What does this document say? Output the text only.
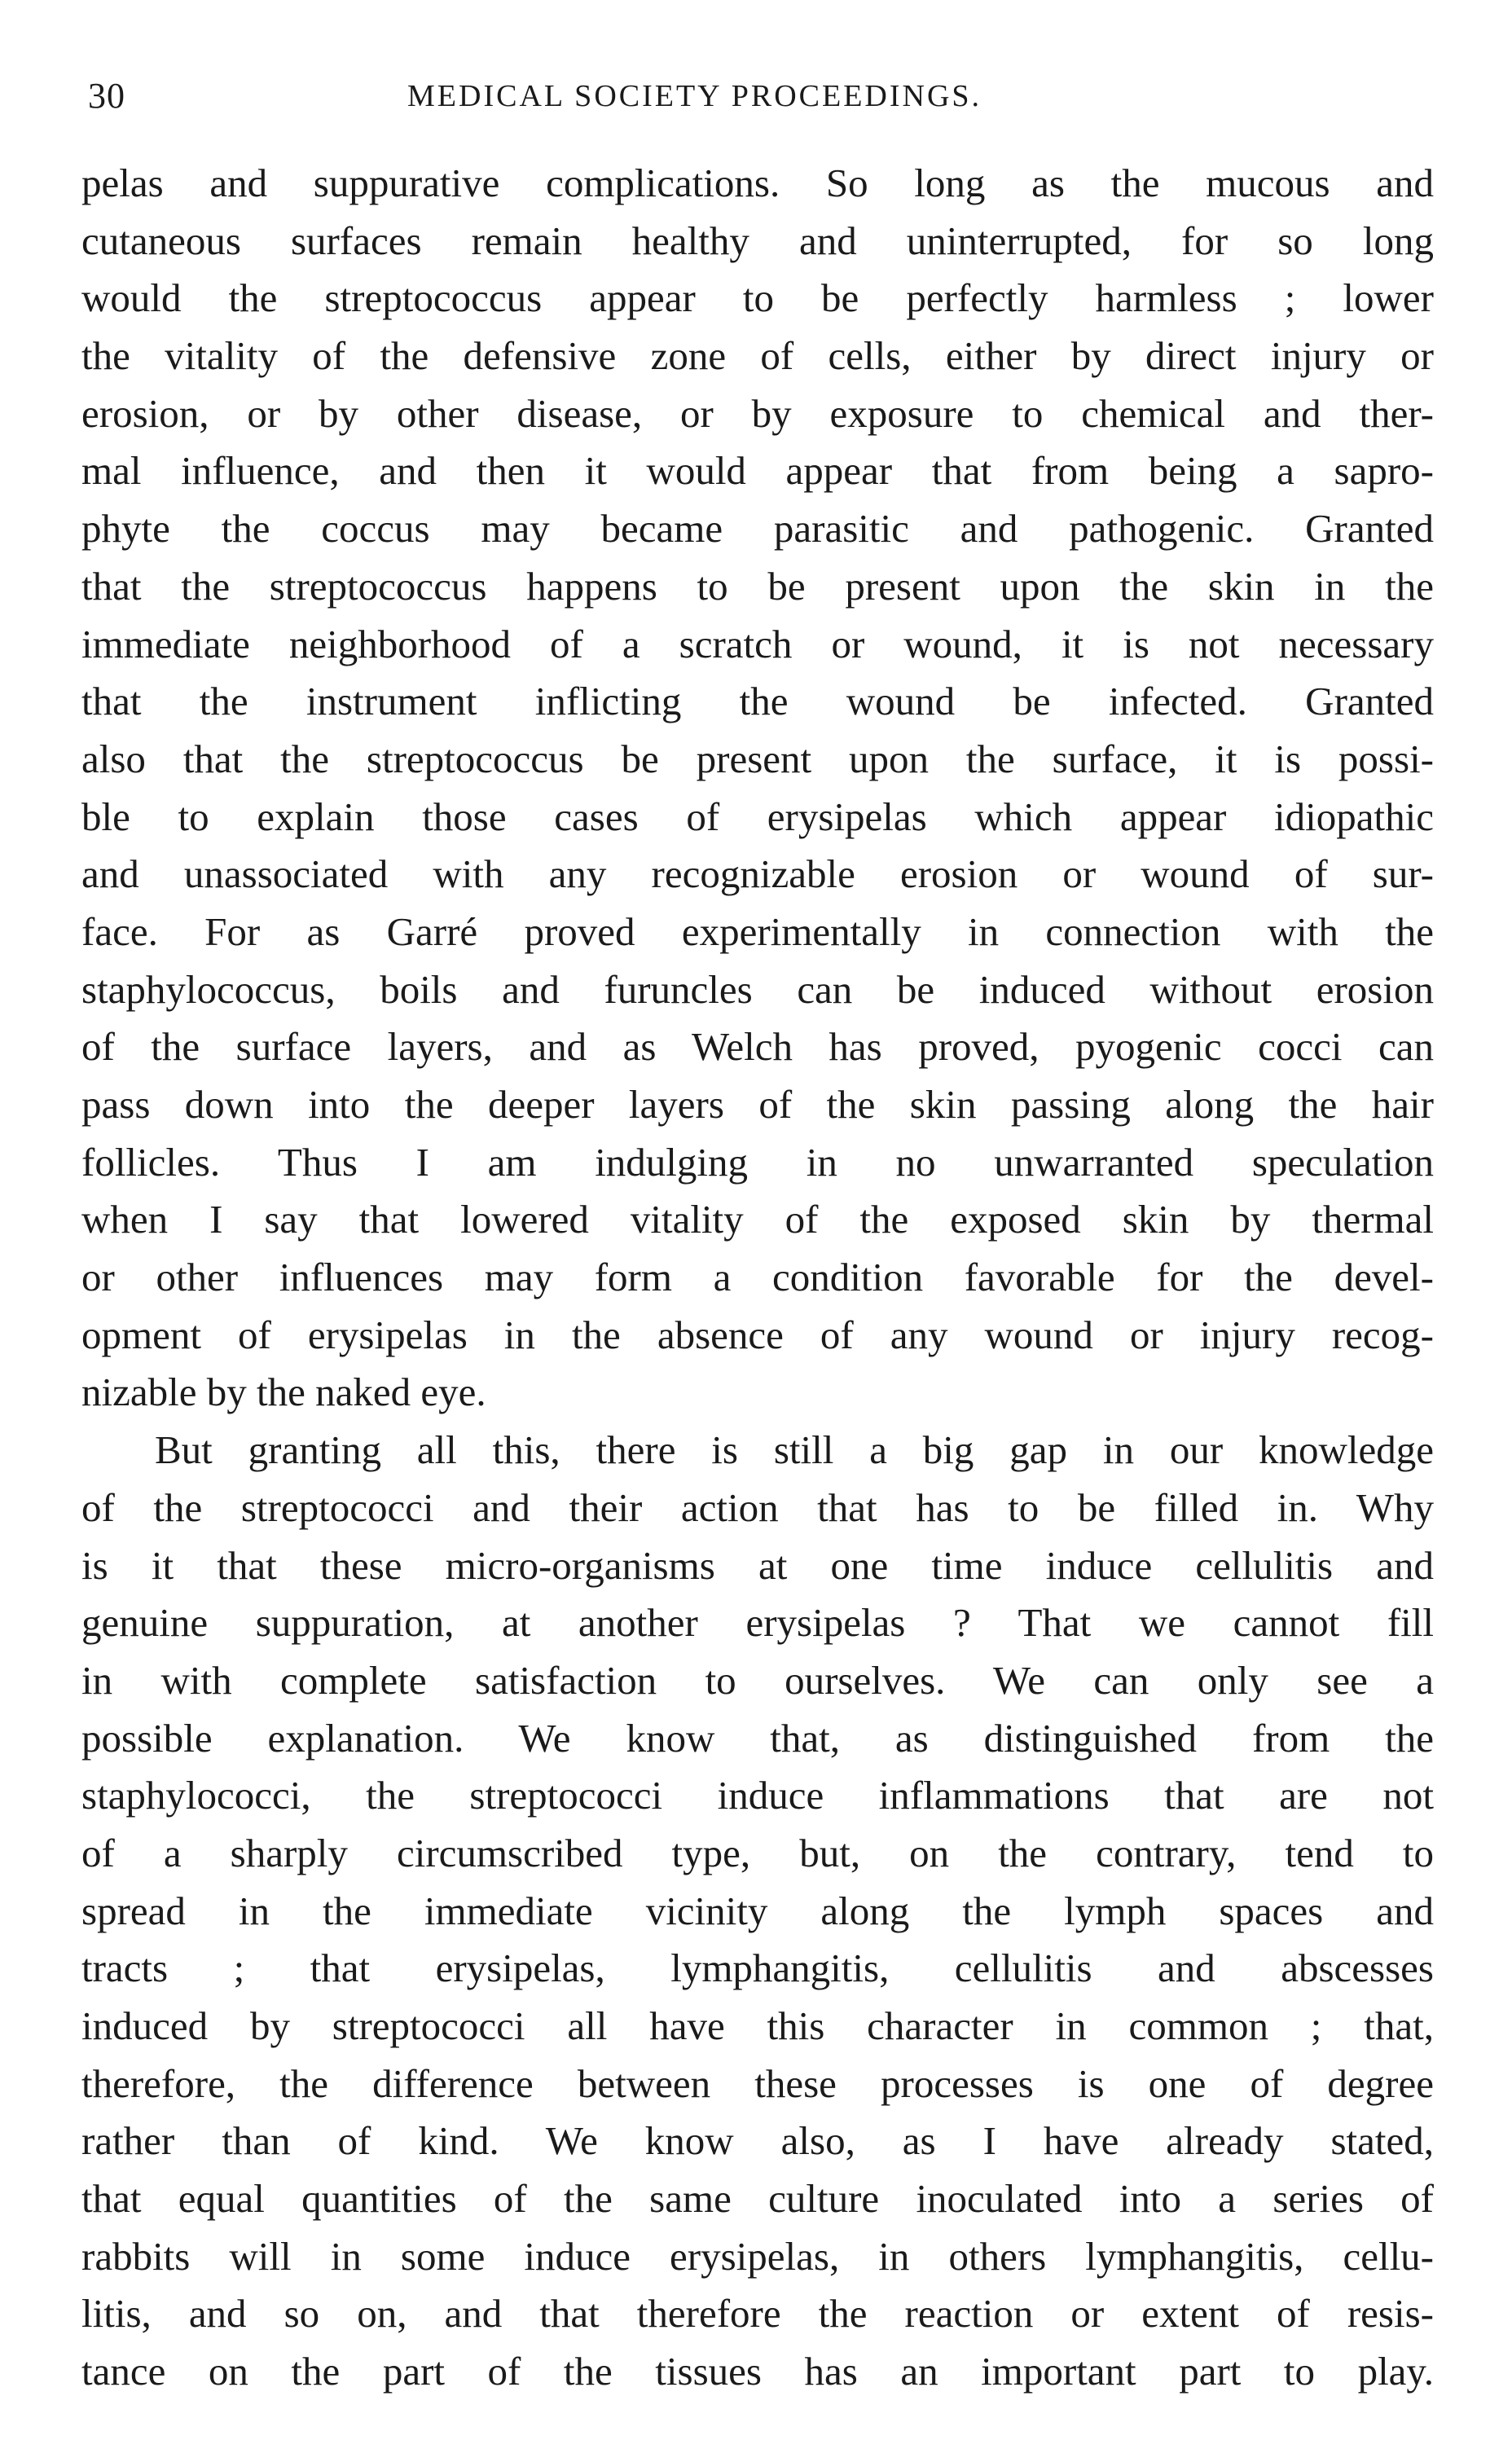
30	MEDICAL SOCIETY PROCEEDINGS.
pelas and suppurative complications. So long as the mucous and
cutaneous surfaces remain healthy and uninterrupted, for so long
would the streptococcus appear to be perfectly harmless ; lower
the vitality of the defensive zone of cells, either by direct injury or
erosion, or by other disease, or by exposure to chemical and ther-
mal influence, and then it would appear that from being a sapro-
phyte the coccus may became parasitic and pathogenic. Granted
that the streptococcus happens to be present upon the skin in the
immediate neighborhood of a scratch or wound, it is not necessary
that the instrument inflicting the wound be infected. Granted
also that the streptococcus be present upon the surface, it is possi-
ble to explain those cases of erysipelas which appear idiopathic
and unassociated with any recognizable erosion or wound of sur-
face. For as Garré proved experimentally in connection with the
staphylococcus, boils and furuncles can be induced without erosion
of the surface layers, and as Welch has proved, pyogenic cocci can
pass down into the deeper layers of the skin passing along the hair
follicles. Thus I am indulging in no unwarranted speculation
when I say that lowered vitality of the exposed skin by thermal
or other influences may form a condition favorable for the devel-
opment of erysipelas in the absence of any wound or injury recog-
nizable by the naked eye.
But granting all this, there is still a big gap in our knowledge
of the streptococci and their action that has to be filled in. Why
is it that these micro-organisms at one time induce cellulitis and
genuine suppuration, at another erysipelas ? That we cannot fill
in with complete satisfaction to ourselves. We can only see a
possible explanation. We know that, as distinguished from the
staphylococci, the streptococci induce inflammations that are not
of a sharply circumscribed type, but, on the contrary, tend to
spread in the immediate vicinity along the lymph spaces and
tracts ; that erysipelas, lymphangitis, cellulitis and abscesses
induced by streptococci all have this character in common ; that,
therefore, the difference between these processes is one of degree
rather than of kind. We know also, as I have already stated,
that equal quantities of the same culture inoculated into a series of
rabbits will in some induce erysipelas, in others lymphangitis, cellu-
litis, and so on, and that therefore the reaction or extent of resis-
tance on the part of the tissues has an important part to play.
